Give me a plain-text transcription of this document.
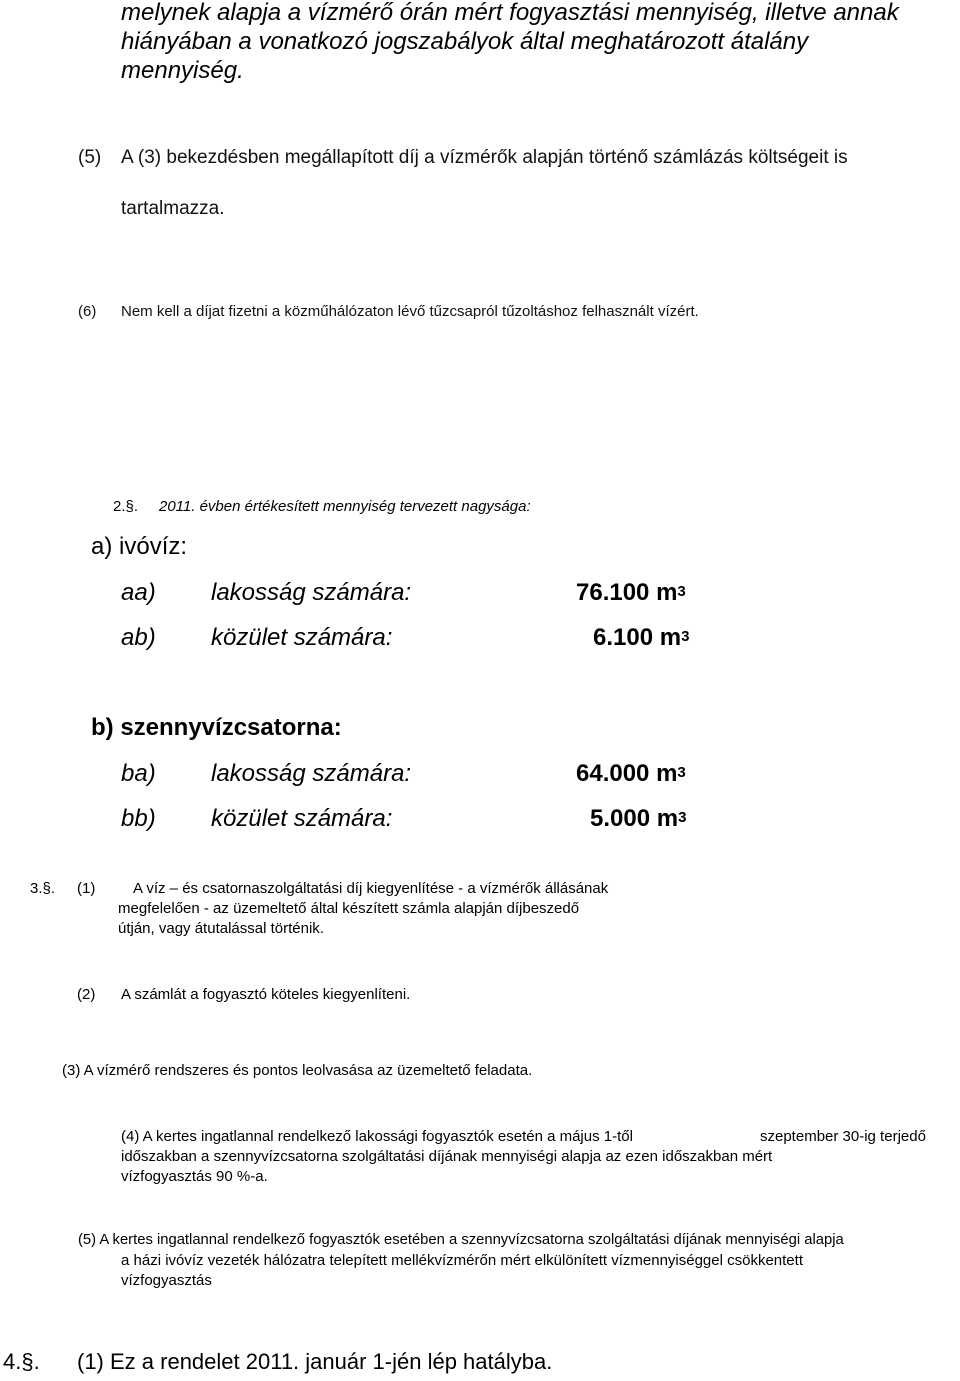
melynek alapja a vízmérő órán mért fogyasztási mennyiség, illetve annak
hiányában a vonatkozó jogszabályok által meghatározott átalány
mennyiség.
(5) A (3) bekezdésben megállapított díj a vízmérők alapján történő számlázás költségeit is
tartalmazza.
(6) Nem kell a díjat fizetni a közműhálózaton lévő tűzcsapról tűzoltáshoz felhasznált vízért.
2.§. 2011. évben értékesített mennyiség tervezett nagysága:
a) ivóvíz:
aa) lakosság számára:	76.100 $m^3$
ab) közület számára:	6.100 $m^3$
b) szennyvízcsatorna:
ba) lakosság számára:	64.000 $m^3$
bb) közület számára:	5.000 $m^3$
3.§. (1)	A víz – és csatornaszolgáltatási díj kiegyenlítése - a vízmérők állásának
megfelelően - az üzemeltető által készített számla alapján díjbeszedő
útján, vagy átutalással történik.
(2) A számlát a fogyasztó köteles kiegyenlíteni.
(3) A vízmérő rendszeres és pontos leolvasása az üzemeltető feladata.
(4) A kertes ingatlannal rendelkező lakossági fogyasztók esetén a május 1-től	szeptember 30-ig terjedő
időszakban a szennyvízcsatorna szolgáltatási díjának mennyiségi alapja az ezen időszakban mért
vízfogyasztás 90 %-a.
(5) A kertes ingatlannal rendelkező fogyasztók esetében a szennyvízcsatorna szolgáltatási díjának mennyiségi alapja
a házi ivóvíz vezeték hálózatra telepített mellékvízmérőn mért elkülönített vízmennyiséggel csökkentett
vízfogyasztás
4.§. (1) Ez a rendelet 2011. január 1-jén lép hatályba.
